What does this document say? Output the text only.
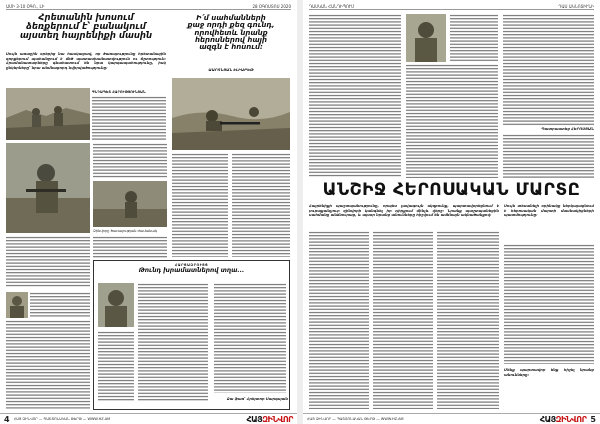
ԱՄԻ 3-10 ՕԳՈ., ԼԻ	28 ՕԳՈՍՏՈՍ 2020
Հրետանին խոսում
ձեռքերում է՝ բանակում
այստեղ հայրենիքի մասին
Սույն առաջին օրերից նա հասկացավ, որ ծառայությունը հրետանային զորքերում պահանջում է մեծ պատասխանատվություն ու ճշտություն։ Հրամանատարները գնահատում են նրա կարգապահությունը, իսկ ընկերները՝ նրա անմնացորդ նվիրվածությունը։
ԳՆԴԱՊԵՏ ՀԱՐՈՒԹՅՈՒՆՅԱՆ
Զինվորը ծառայության ժամանակ
Ի՛մ սահմանների
քաջ որդի քեզ գունդ,
որովհետև նրանք
հերոսներով հայի
ազգն է հոսում։
ԱԱՐՈՆՅԱՆ ԷԼԻԱԲԵԹ
ՀԱՐՑԱԶՐՈՒՅՑ
Թունդ խրամատներով տղա...
Ձա ֆառ՝ Հրեյտոր Սարգսյան
4 ՀԱՅ ԶԻՆՎՈՐ — ՊԱՇՏՈՆԱԿԱՆ ԹԵՐԹ — WWW.HZ.AM	ՀԱՅԶԻՆՎՈՐ
ԴԱՍԿԱՆ ՀԱՆԴԻՊՈՒՄ	ԴԱՍ ԱԿՆՈՏԻՒՆԻ
Պատրաստեց ՀԵՐՈՍՅԱՆ
ԱՆՇԻՋ ՀԵՐՈՍԱԿԱՆ ՄԱՐՏԸ
Հայրենիքի պաշտպանությունը, որպես լավագույն սկզբունք, պարտավորեցնում է յուրաքանչյուր զինվորի կանգնել իր դիրքում մինչև վերջ։ Նրանք պաշտպանեցին սահմանը անձնուրաց, և այսօր նրանց անունները հիշվում են ամենայն ակնածանքով։
Սույն տեսանելի օրինակը ներկայացնում է հերոսական մարտի մասնակիցների պատմությունը։
Մենք պարտավոր ենք հիշել նրանց անունները։
ՀԱՅ ԶԻՆՎՈՐ — ՊԱՇՏՈՆԱԿԱՆ ԹԵՐԹ — WWW.HZ.AM	ՀԱՅԶԻՆՎՈՐ 5
